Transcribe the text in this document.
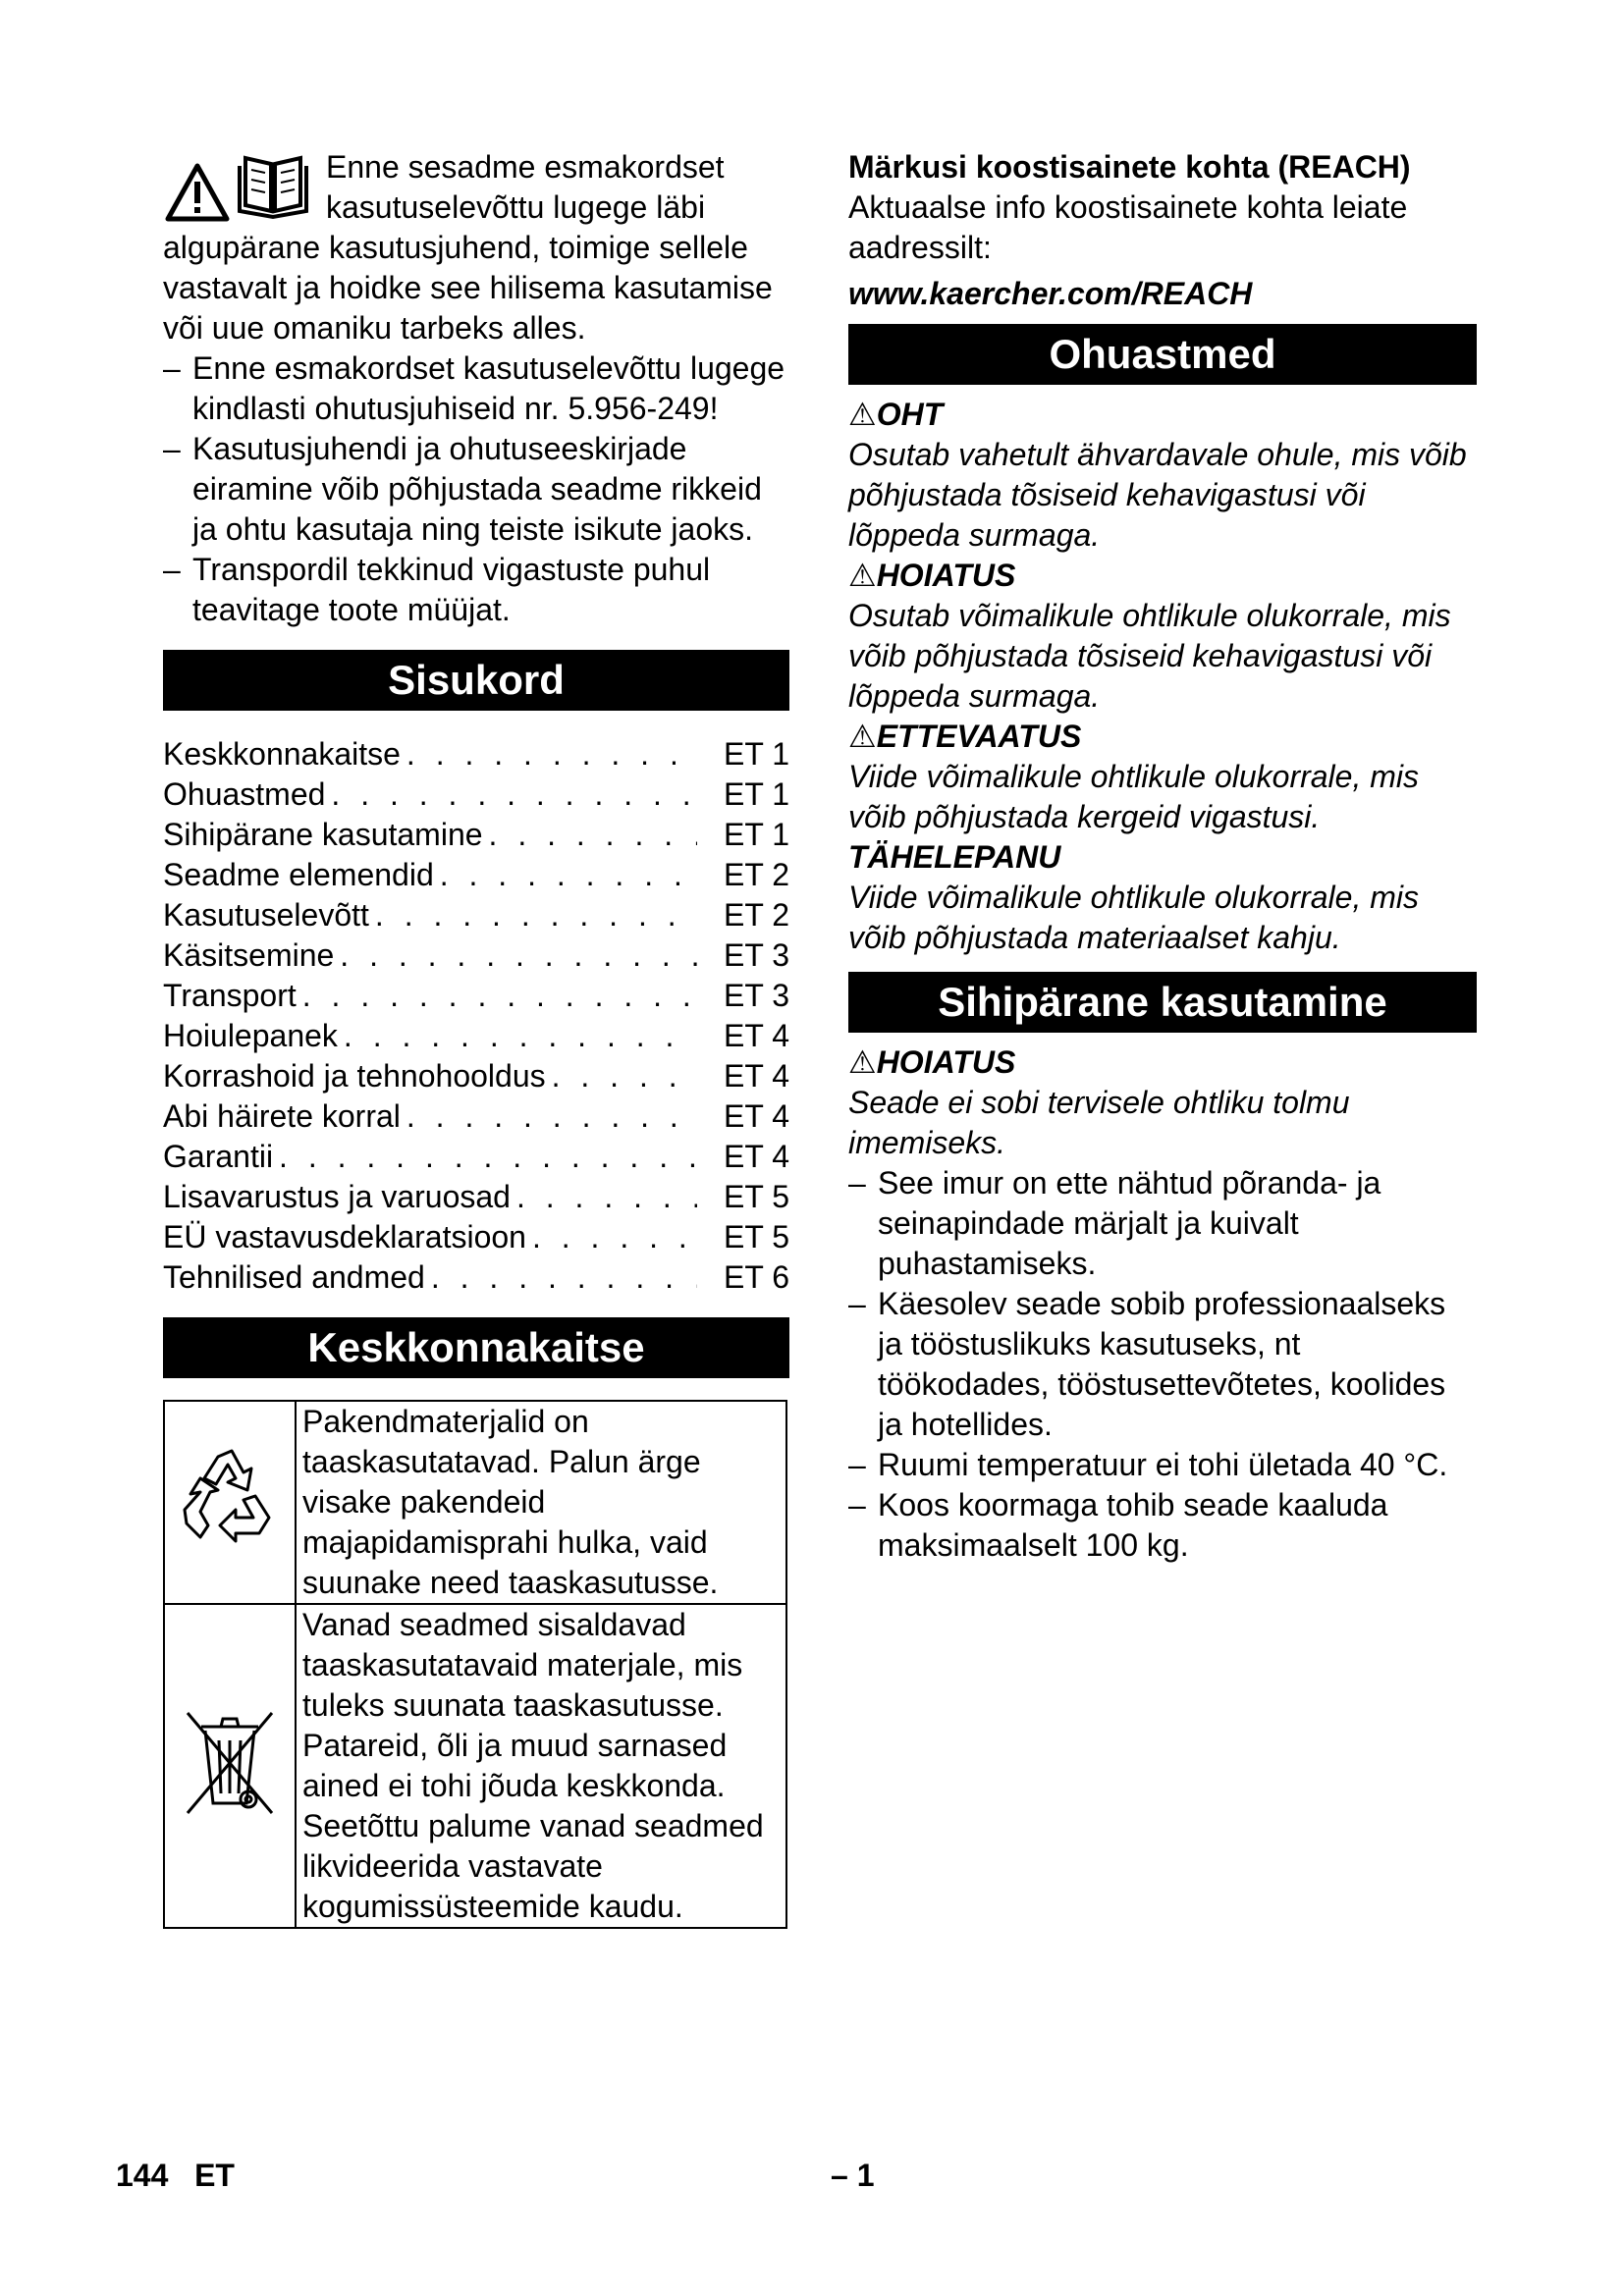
Enne sesadme esmakordset kasutuselevõttu lugege läbi algupärane kasutusjuhend, toimige sellele vastavalt ja hoidke see hilisema kasutamise või uue omaniku tarbeks alles.

– Enne esmakordset kasutuselevõttu lugege kindlasti ohutusjuhiseid nr. 5.956-249!
– Kasutusjuhendi ja ohutuseeskirjade eiramine võib põhjustada seadme rikkeid ja ohtu kasutaja ning teiste isikute jaoks.
– Transpordil tekkinud vigastuste puhul teavitage toote müüjat.
Sisukord
Keskkonnakaitse . . .	ET 1
Ohuastmed . . .	ET 1
Sihipärane kasutamine . . .	ET 1
Seadme elemendid . . .	ET 2
Kasutuselevõtt . . .	ET 2
Käsitsemine . . .	ET 3
Transport . . .	ET 3
Hoiulepanek . . .	ET 4
Korrashoid ja tehnohooldus . . .	ET 4
Abi häirete korral . . .	ET 4
Garantii . . .	ET 4
Lisavarustus ja varuosad . . .	ET 5
EÜ vastavusdeklaratsioon . . .	ET 5
Tehnilised andmed . . .	ET 6
Keskkonnakaitse
	Pakendmaterjalid on taaskasutatavad. Palun ärge visake pakendeid majapidamisprahi hulka, vaid suunake need taaskasutusse.
	Vanad seadmed sisaldavad taaskasutatavaid materjale, mis tuleks suunata taaskasutusse. Patareid, õli ja muud sarnased ained ei tohi jõuda keskkonda. Seetõttu palume vanad seadmed likvideerida vastavate kogumissüsteemide kaudu.

Märkusi koostisainete kohta (REACH)

Aktuaalse info koostisainete kohta leiate aadressilt:

www.kaercher.com/REACH

Ohuastmed

⚠OHT

Osutab vahetult ähvardavale ohule, mis võib põhjustada tõsiseid kehavigastusi või lõppeda surmaga.

⚠HOIATUS

Osutab võimalikule ohtlikule olukorrale, mis võib põhjustada tõsiseid kehavigastusi või lõppeda surmaga.

⚠ETTEVAATUS

Viide võimalikule ohtlikule olukorrale, mis võib põhjustada kergeid vigastusi.

TÄHELEPANU

Viide võimalikule ohtlikule olukorrale, mis võib põhjustada materiaalset kahju.

Sihipärane kasutamine

⚠HOIATUS

Seade ei sobi tervisele ohtliku tolmu imemiseks.

– See imur on ette nähtud põranda- ja seinapindade märjalt ja kuivalt puhastamiseks.
– Käesolev seade sobib professionaalseks ja tööstuslikuks kasutuseks, nt töökodades, tööstusettevõtetes, koolides ja hotellides.
– Ruumi temperatuur ei tohi ületada 40 °C.
– Koos koormaga tohib seade kaaluda maksimaalselt 100 kg.
144 ET	– 1
